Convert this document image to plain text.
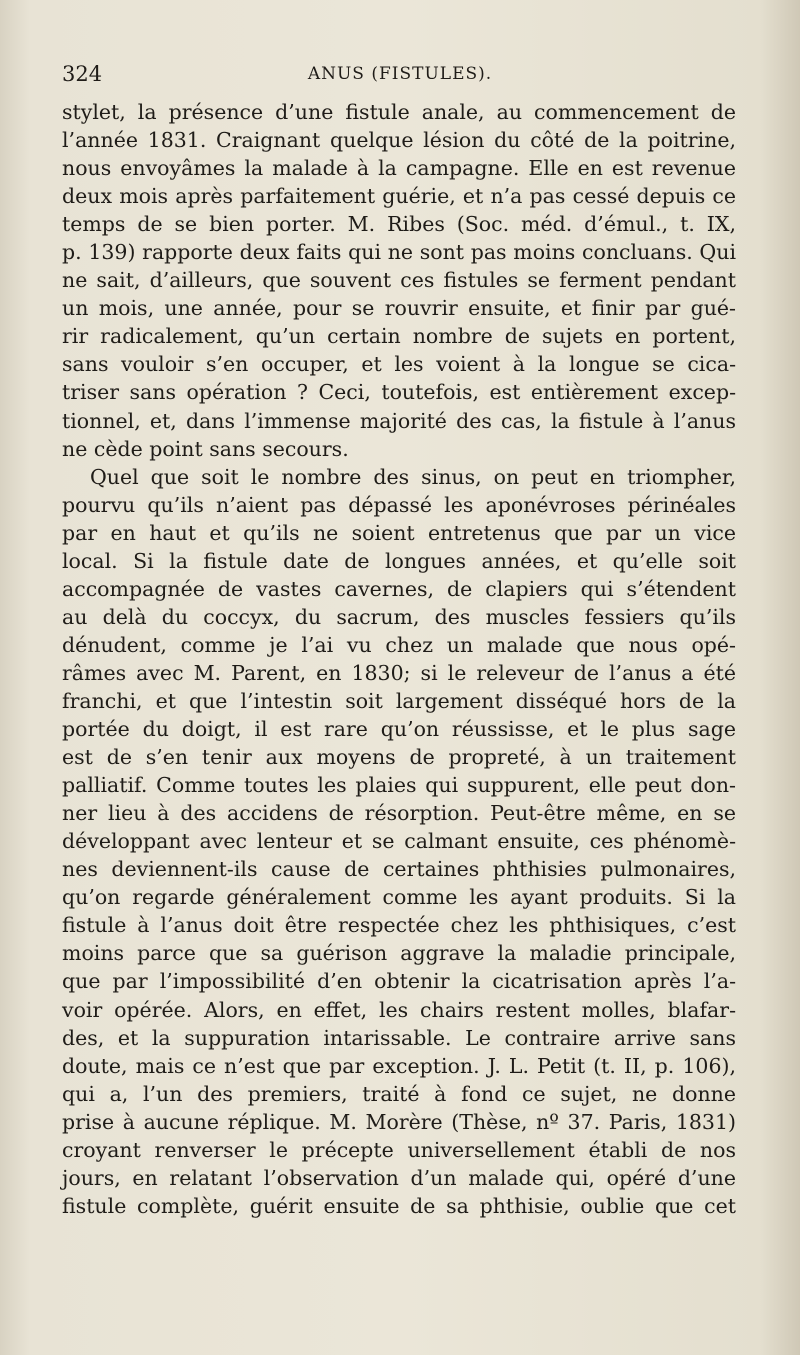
324	ANUS (FISTULES).
stylet, la présence d’une fistule anale, au commencement de
l’année 1831. Craignant quelque lésion du côté de la poitrine,
nous envoyâmes la malade à la campagne. Elle en est revenue
deux mois après parfaitement guérie, et n’a pas cessé depuis ce
temps de se bien porter. M. Ribes (Soc. méd. d’émul., t. IX,
p. 139) rapporte deux faits qui ne sont pas moins concluans. Qui
ne sait, d’ailleurs, que souvent ces fistules se ferment pendant
un mois, une année, pour se rouvrir ensuite, et finir par gué-
rir radicalement, qu’un certain nombre de sujets en portent,
sans vouloir s’en occuper, et les voient à la longue se cica-
triser sans opération ? Ceci, toutefois, est entièrement excep-
tionnel, et, dans l’immense majorité des cas, la fistule à l’anus
ne cède point sans secours.
Quel que soit le nombre des sinus, on peut en triompher,
pourvu qu’ils n’aient pas dépassé les aponévroses périnéales
par en haut et qu’ils ne soient entretenus que par un vice
local. Si la fistule date de longues années, et qu’elle soit
accompagnée de vastes cavernes, de clapiers qui s’étendent
au delà du coccyx, du sacrum, des muscles fessiers qu’ils
dénudent, comme je l’ai vu chez un malade que nous opé-
râmes avec M. Parent, en 1830; si le releveur de l’anus a été
franchi, et que l’intestin soit largement disséqué hors de la
portée du doigt, il est rare qu’on réussisse, et le plus sage
est de s’en tenir aux moyens de propreté, à un traitement
palliatif. Comme toutes les plaies qui suppurent, elle peut don-
ner lieu à des accidens de résorption. Peut-être même, en se
développant avec lenteur et se calmant ensuite, ces phénomè-
nes deviennent-ils cause de certaines phthisies pulmonaires,
qu’on regarde généralement comme les ayant produits. Si la
fistule à l’anus doit être respectée chez les phthisiques, c’est
moins parce que sa guérison aggrave la maladie principale,
que par l’impossibilité d’en obtenir la cicatrisation après l’a-
voir opérée. Alors, en effet, les chairs restent molles, blafar-
des, et la suppuration intarissable. Le contraire arrive sans
doute, mais ce n’est que par exception. J. L. Petit (t. II, p. 106),
qui a, l’un des premiers, traité à fond ce sujet, ne donne
prise à aucune réplique. M. Morère (Thèse, nº 37. Paris, 1831)
croyant renverser le précepte universellement établi de nos
jours, en relatant l’observation d’un malade qui, opéré d’une
fistule complète, guérit ensuite de sa phthisie, oublie que cet
